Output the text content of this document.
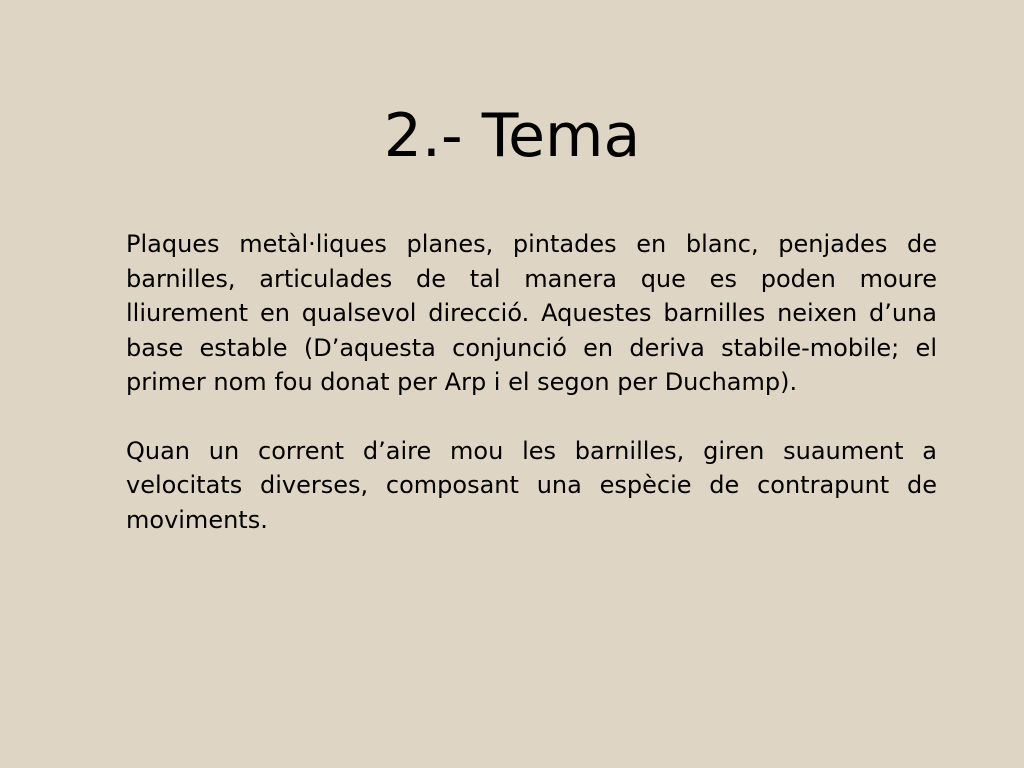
2.- Tema

Plaques metàl·liques planes, pintades en blanc, penjades de barnilles, articulades de tal manera que es poden moure lliurement en qualsevol direcció. Aquestes barnilles neixen d’una base estable (D’aquesta conjunció en deriva stabile-mobile; el primer nom fou donat per Arp i el segon per Duchamp).

Quan un corrent d’aire mou les barnilles, giren suaument a velocitats diverses, composant una espècie de contrapunt de moviments.
